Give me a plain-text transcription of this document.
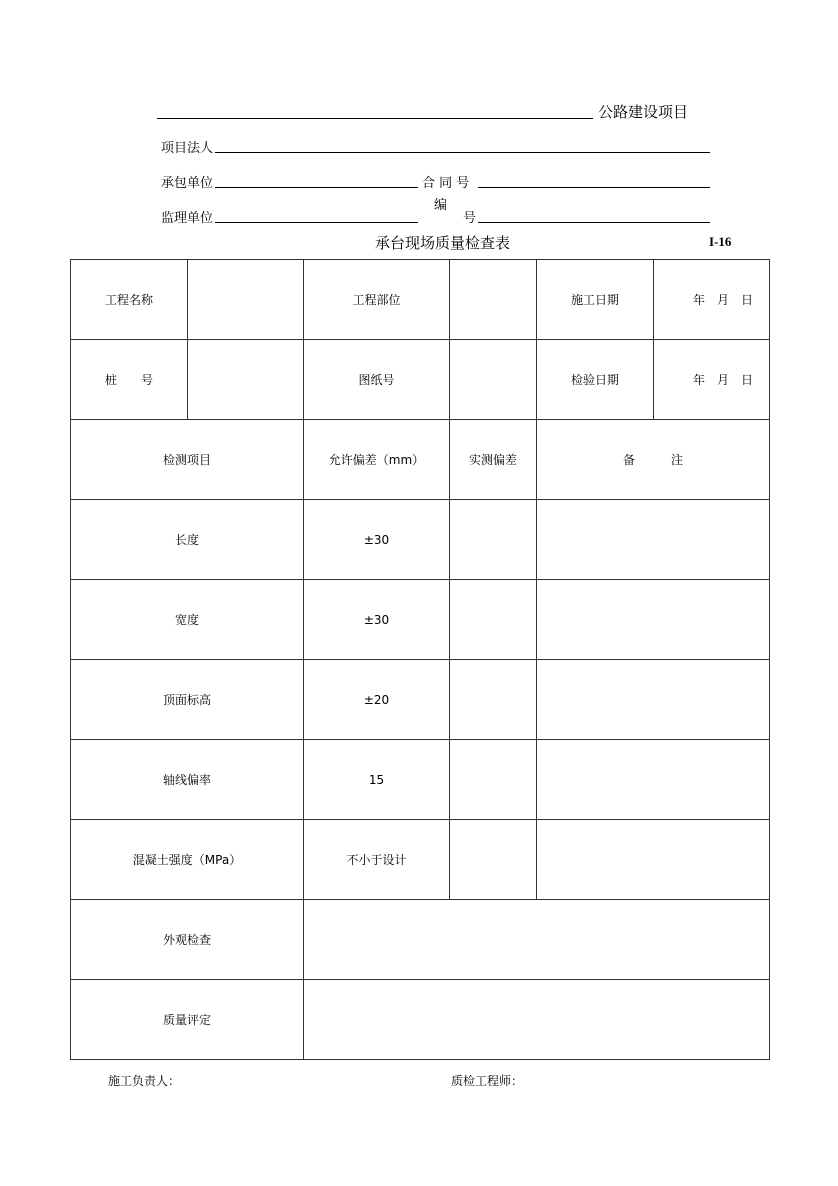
公路建设项目
项目法人
承包单位	合 同 号
监理单位
编
号
承台现场质量检查表	I-16
工程名称		工程部位		施工日期	年　月　日
桩　　号		图纸号		检验日期	年　月　日
检测项目		允许偏差（mm）	实测偏差	备　　　注	
长度		±30			
宽度		±30			
顶面标高		±20			
轴线偏率		15			
混凝土强度（MPa）		不小于设计			
外观检查					
质量评定					
施工负责人：	质检工程师：
